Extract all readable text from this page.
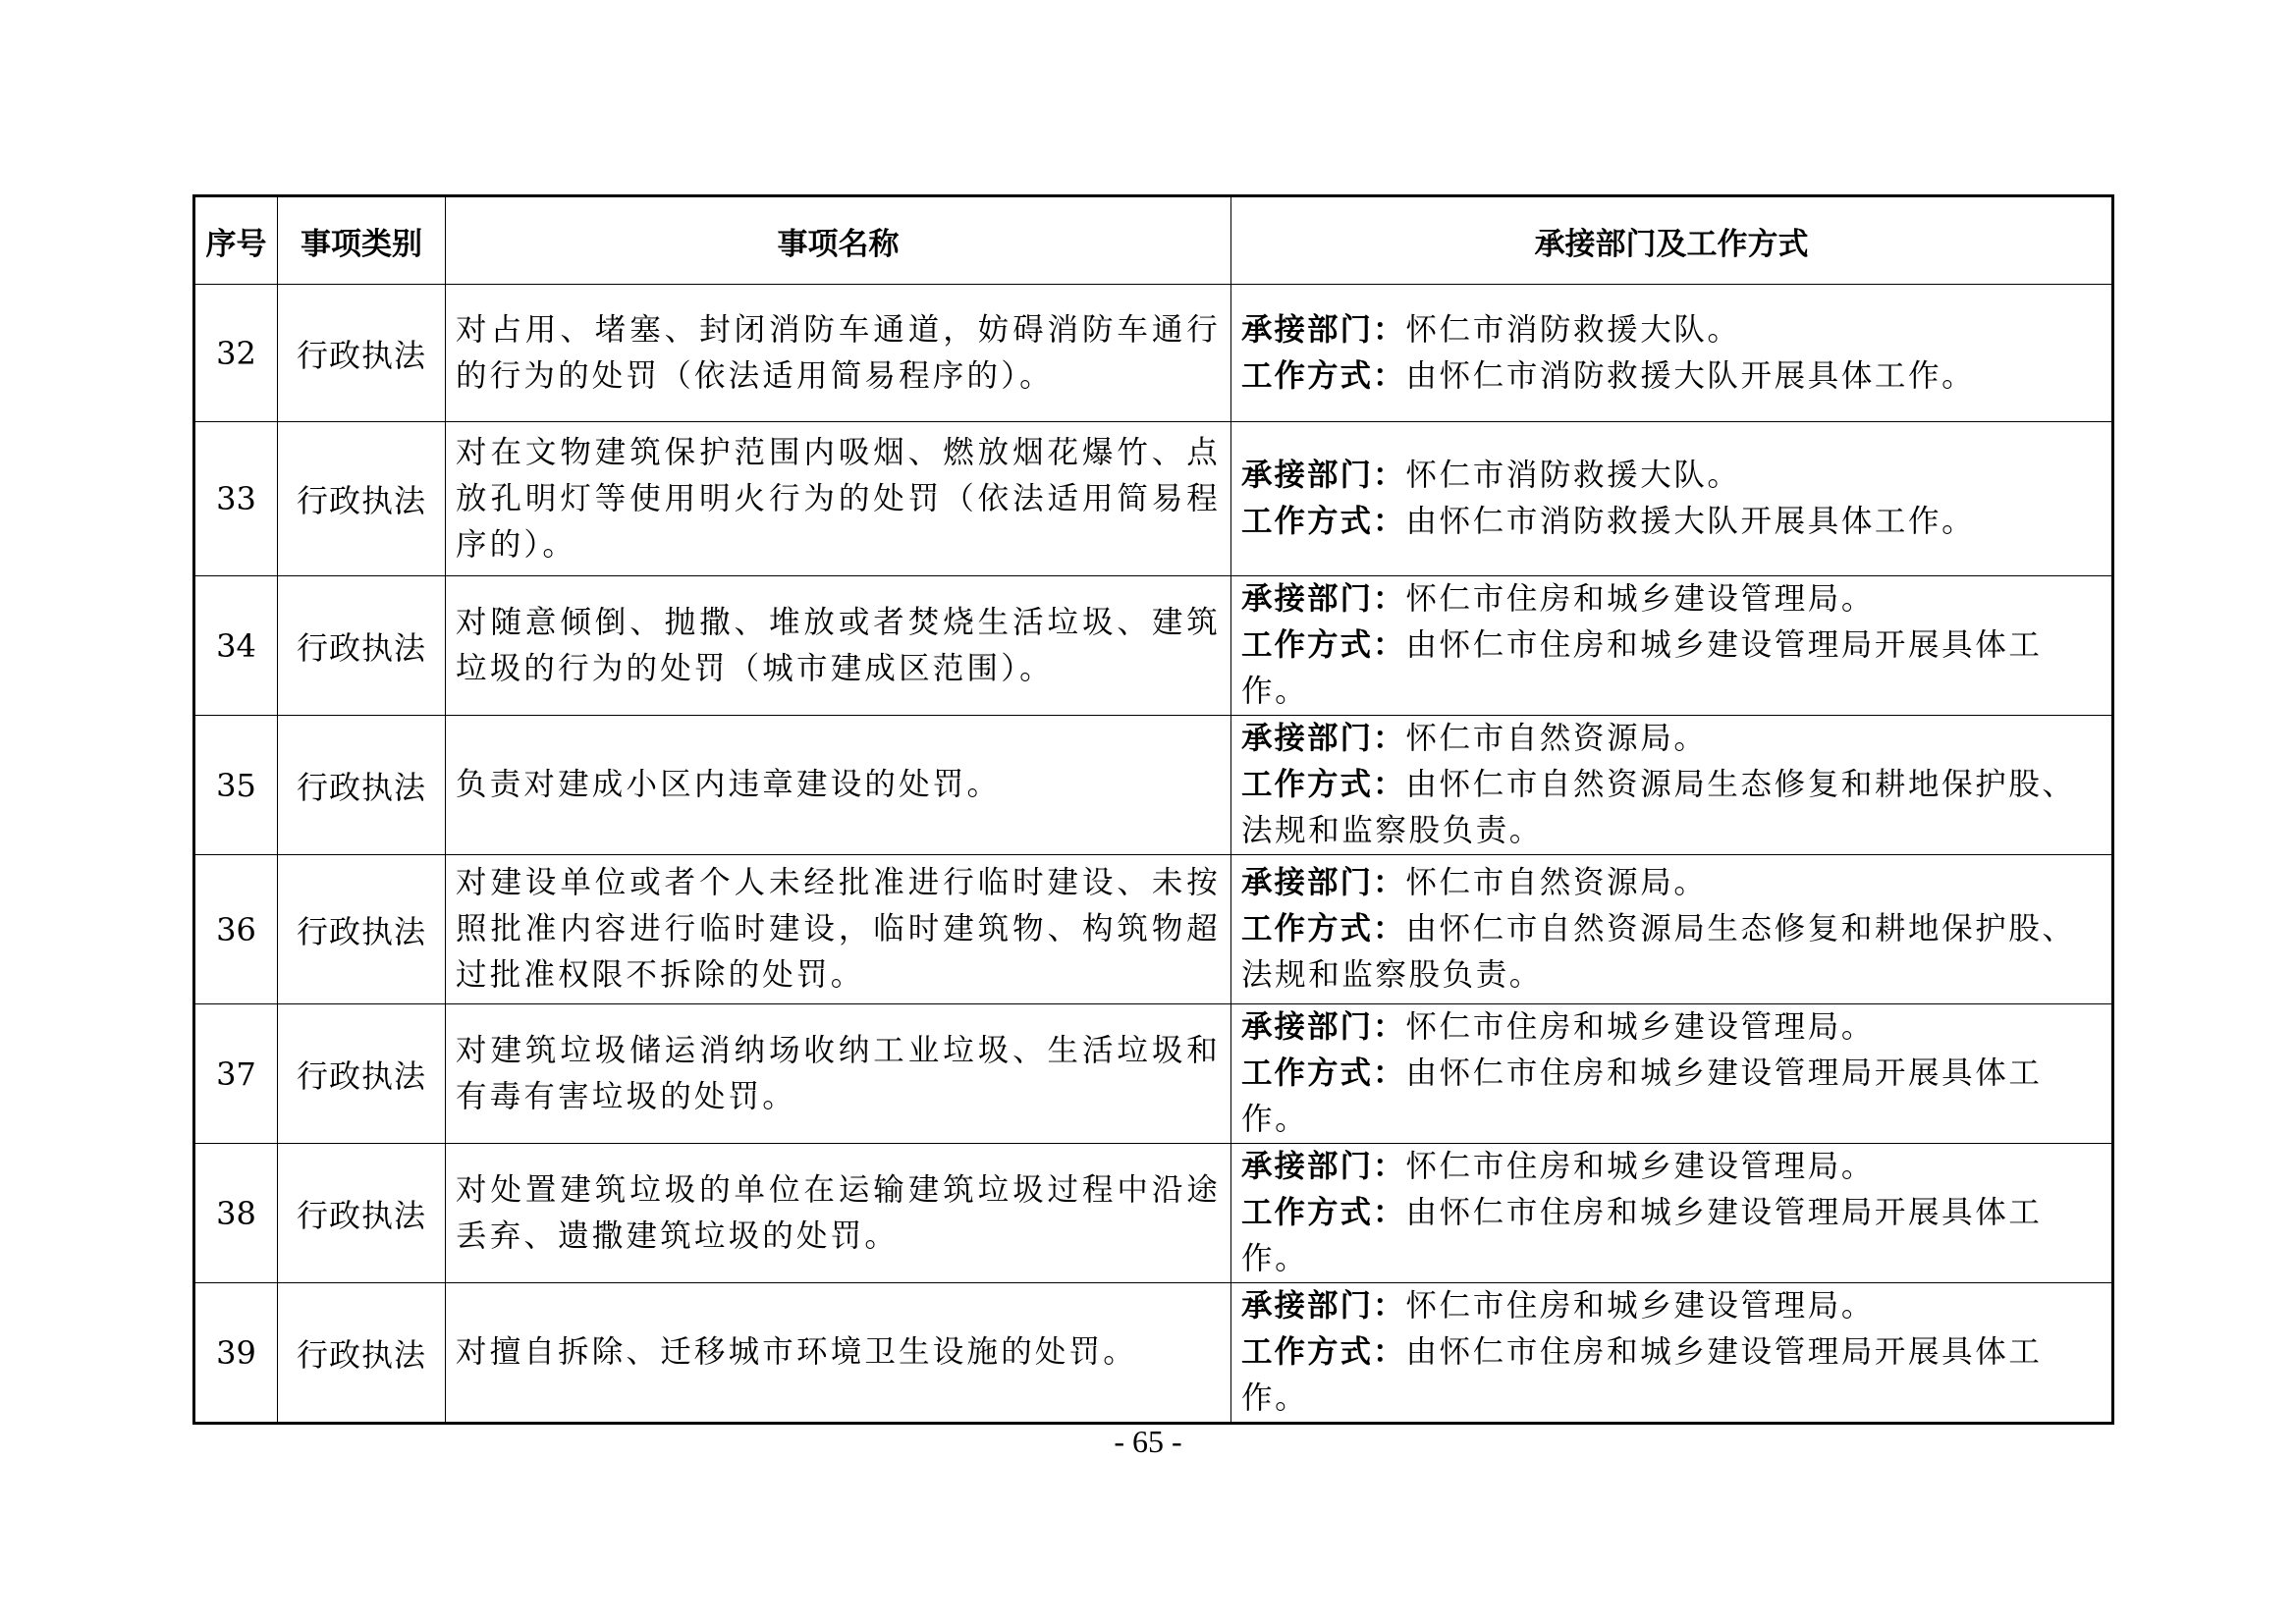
序号	事项类别	事项名称	承接部门及工作方式
32	行政执法	对占用、堵塞、封闭消防车通道，妨碍消防车通行的行为的处罚（依法适用简易程序的）。	承接部门：怀仁市消防救援大队。
工作方式：由怀仁市消防救援大队开展具体工作。

33	行政执法	对在文物建筑保护范围内吸烟、燃放烟花爆竹、点放孔明灯等使用明火行为的处罚（依法适用简易程序的）。	承接部门：怀仁市消防救援大队。
工作方式：由怀仁市消防救援大队开展具体工作。

34	行政执法	对随意倾倒、抛撒、堆放或者焚烧生活垃圾、建筑垃圾的行为的处罚（城市建成区范围）。	承接部门：怀仁市住房和城乡建设管理局。
工作方式：由怀仁市住房和城乡建设管理局开展具体工作。

35	行政执法	负责对建成小区内违章建设的处罚。	承接部门：怀仁市自然资源局。
工作方式：由怀仁市自然资源局生态修复和耕地保护股、法规和监察股负责。

36	行政执法	对建设单位或者个人未经批准进行临时建设、未按照批准内容进行临时建设，临时建筑物、构筑物超过批准权限不拆除的处罚。	承接部门：怀仁市自然资源局。
工作方式：由怀仁市自然资源局生态修复和耕地保护股、法规和监察股负责。

37	行政执法	对建筑垃圾储运消纳场收纳工业垃圾、生活垃圾和有毒有害垃圾的处罚。	承接部门：怀仁市住房和城乡建设管理局。
工作方式：由怀仁市住房和城乡建设管理局开展具体工作。

38	行政执法	对处置建筑垃圾的单位在运输建筑垃圾过程中沿途丢弃、遗撒建筑垃圾的处罚。	承接部门：怀仁市住房和城乡建设管理局。
工作方式：由怀仁市住房和城乡建设管理局开展具体工作。

39	行政执法	对擅自拆除、迁移城市环境卫生设施的处罚。	承接部门：怀仁市住房和城乡建设管理局。
工作方式：由怀仁市住房和城乡建设管理局开展具体工作。
- 65 -
